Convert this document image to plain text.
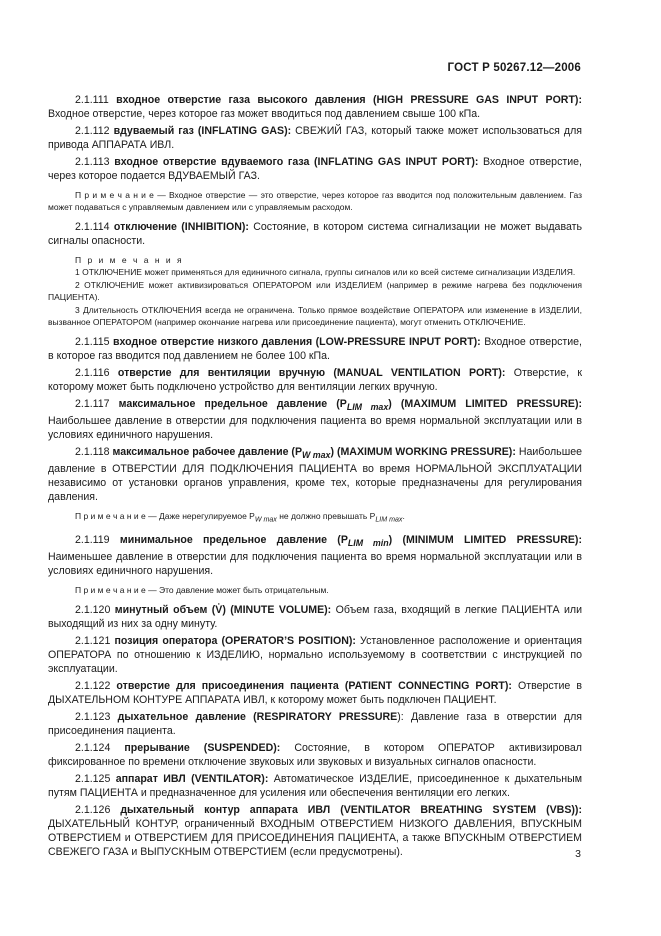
ГОСТ Р 50267.12—2006

2.1.111 входное отверстие газа высокого давления (HIGH PRESSURE GAS INPUT PORT): Входное отверстие, через которое газ может вводиться под давлением свыше 100 кПа.

2.1.112 вдуваемый газ (INFLATING GAS): СВЕЖИЙ ГАЗ, который также может использоваться для привода АППАРАТА ИВЛ.

2.1.113 входное отверстие вдуваемого газа (INFLATING GAS INPUT PORT): Входное отверстие, через которое подается ВДУВАЕМЫЙ ГАЗ.

П р и м е ч а н и е — Входное отверстие — это отверстие, через которое газ вводится под положительным давлением. Газ может подаваться с управляемым давлением или с управляемым расходом.

2.1.114 отключение (INHIBITION): Состояние, в котором система сигнализации не может выдавать сигналы опасности.

П р и м е ч а н и я

1 ОТКЛЮЧЕНИЕ может применяться для единичного сигнала, группы сигналов или ко всей системе сигнализации ИЗДЕЛИЯ.

2 ОТКЛЮЧЕНИЕ может активизироваться ОПЕРАТОРОМ или ИЗДЕЛИЕМ (например в режиме нагрева без подключения ПАЦИЕНТА).

3 Длительность ОТКЛЮЧЕНИЯ всегда не ограничена. Только прямое воздействие ОПЕРАТОРА или изменение в ИЗДЕЛИИ, вызванное ОПЕРАТОРОМ (например окончание нагрева или присоединение пациента), могут отменить ОТКЛЮЧЕНИЕ.

2.1.115 входное отверстие низкого давления (LOW-PRESSURE INPUT PORT): Входное отверстие, в которое газ вводится под давлением не более 100 кПа.

2.1.116 отверстие для вентиляции вручную (MANUAL VENTILATION PORT): Отверстие, к которому может быть подключено устройство для вентиляции легких вручную.

2.1.117 максимальное предельное давление $(P_{LIM max})$ (MAXIMUM LIMITED PRESSURE): Наибольшее давление в отверстии для подключения пациента во время нормальной эксплуатации или в условиях единичного нарушения.

2.1.118 максимальное рабочее давление $(P_{W max})$ (MAXIMUM WORKING PRESSURE): Наибольшее давление в ОТВЕРСТИИ ДЛЯ ПОДКЛЮЧЕНИЯ ПАЦИЕНТА во время НОРМАЛЬНОЙ ЭКСПЛУАТАЦИИ независимо от установки органов управления, кроме тех, которые предназначены для регулирования давления.

П р и м е ч а н и е — Даже нерегулируемое $P_{W max}$ не должно превышать $P_{LIM max}$.

2.1.119 минимальное предельное давление $(P_{LIM min})$ (MINIMUM LIMITED PRESSURE): Наименьшее давление в отверстии для подключения пациента во время нормальной эксплуатации или в условиях единичного нарушения.

П р и м е ч а н и е — Это давление может быть отрицательным.

2.1.120 минутный объем (V̇) (MINUTE VOLUME): Объем газа, входящий в легкие ПАЦИЕНТА или выходящий из них за одну минуту.

2.1.121 позиция оператора (OPERATOR’S POSITION): Установленное расположение и ориентация ОПЕРАТОРА по отношению к ИЗДЕЛИЮ, нормально используемому в соответствии с инструкцией по эксплуатации.

2.1.122 отверстие для присоединения пациента (PATIENT CONNECTING PORT): Отверстие в ДЫХАТЕЛЬНОМ КОНТУРЕ АППАРАТА ИВЛ, к которому может быть подключен ПАЦИЕНТ.

2.1.123 дыхательное давление (RESPIRATORY PRESSURE): Давление газа в отверстии для присоединения пациента.

2.1.124 прерывание (SUSPENDED): Состояние, в котором ОПЕРАТОР активизировал фиксированное по времени отключение звуковых или звуковых и визуальных сигналов опасности.

2.1.125 аппарат ИВЛ (VENTILATOR): Автоматическое ИЗДЕЛИЕ, присоединенное к дыхательным путям ПАЦИЕНТА и предназначенное для усиления или обеспечения вентиляции его легких.

2.1.126 дыхательный контур аппарата ИВЛ (VENTILATOR BREATHING SYSTEM (VBS)): ДЫХАТЕЛЬНЫЙ КОНТУР, ограниченный ВХОДНЫМ ОТВЕРСТИЕМ НИЗКОГО ДАВЛЕНИЯ, ВПУСКНЫМ ОТВЕРСТИЕМ и ОТВЕРСТИЕМ ДЛЯ ПРИСОЕДИНЕНИЯ ПАЦИЕНТА, а также ВПУСКНЫМ ОТВЕРСТИЕМ СВЕЖЕГО ГАЗА и ВЫПУСКНЫМ ОТВЕРСТИЕМ (если предусмотрены).	3
